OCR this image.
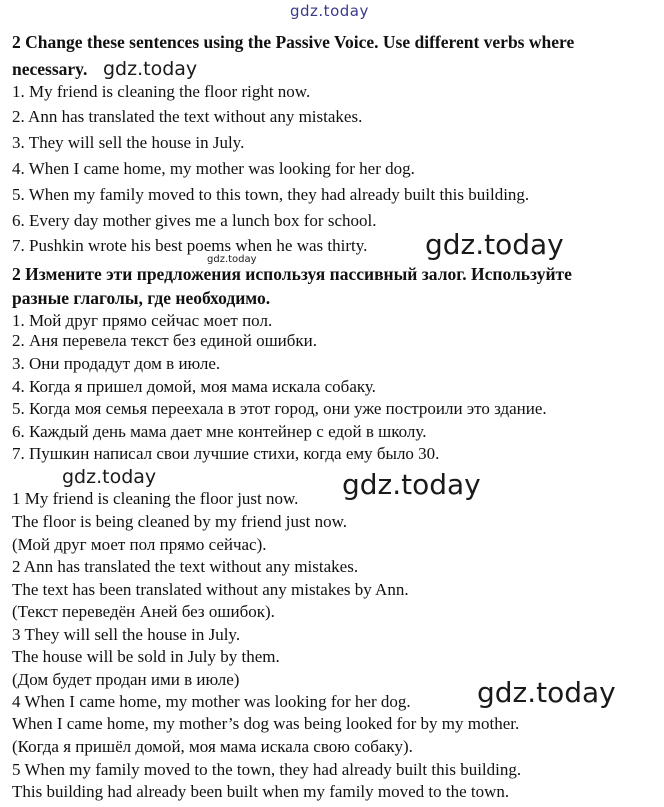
2 Change these sentences using the Passive Voice. Use different verbs where
necessary.
1. My friend is cleaning the floor right now.
2. Ann has translated the text without any mistakes.
3. They will sell the house in July.
4. When I came home, my mother was looking for her dog.
5. When my family moved to this town, they had already built this building.
6. Every day mother gives me a lunch box for school.
7. Pushkin wrote his best poems when he was thirty.
2 Измените эти предложения используя пассивный залог. Используйте
разные глаголы, где необходимо.
1. Мой друг прямо сейчас моет пол.
2. Аня перевела текст без единой ошибки.
3. Они продадут дом в июле.
4. Когда я пришел домой, моя мама искала собаку.
5. Когда моя семья переехала в этот город, они уже построили это здание.
6. Каждый день мама дает мне контейнер с едой в школу.
7. Пушкин написал свои лучшие стихи, когда ему было 30.
1 My friend is cleaning the floor just now.
The floor is being cleaned by my friend just now.
(Мой друг моет пол прямо сейчас).
2 Ann has translated the text without any mistakes.
The text has been translated without any mistakes by Ann.
(Текст переведён Аней без ошибок).
3 They will sell the house in July.
The house will be sold in July by them.
(Дом будет продан ими в июле)
4 When I came home, my mother was looking for her dog.
When I came home, my mother’s dog was being looked for by my mother.
(Когда я пришёл домой, моя мама искала свою собаку).
5 When my family moved to the town, they had already built this building.
This building had already been built when my family moved to the town.
gdz.today
gdz.today
gdz.today
gdz.today
gdz.today	gdz.today
gdz.today
